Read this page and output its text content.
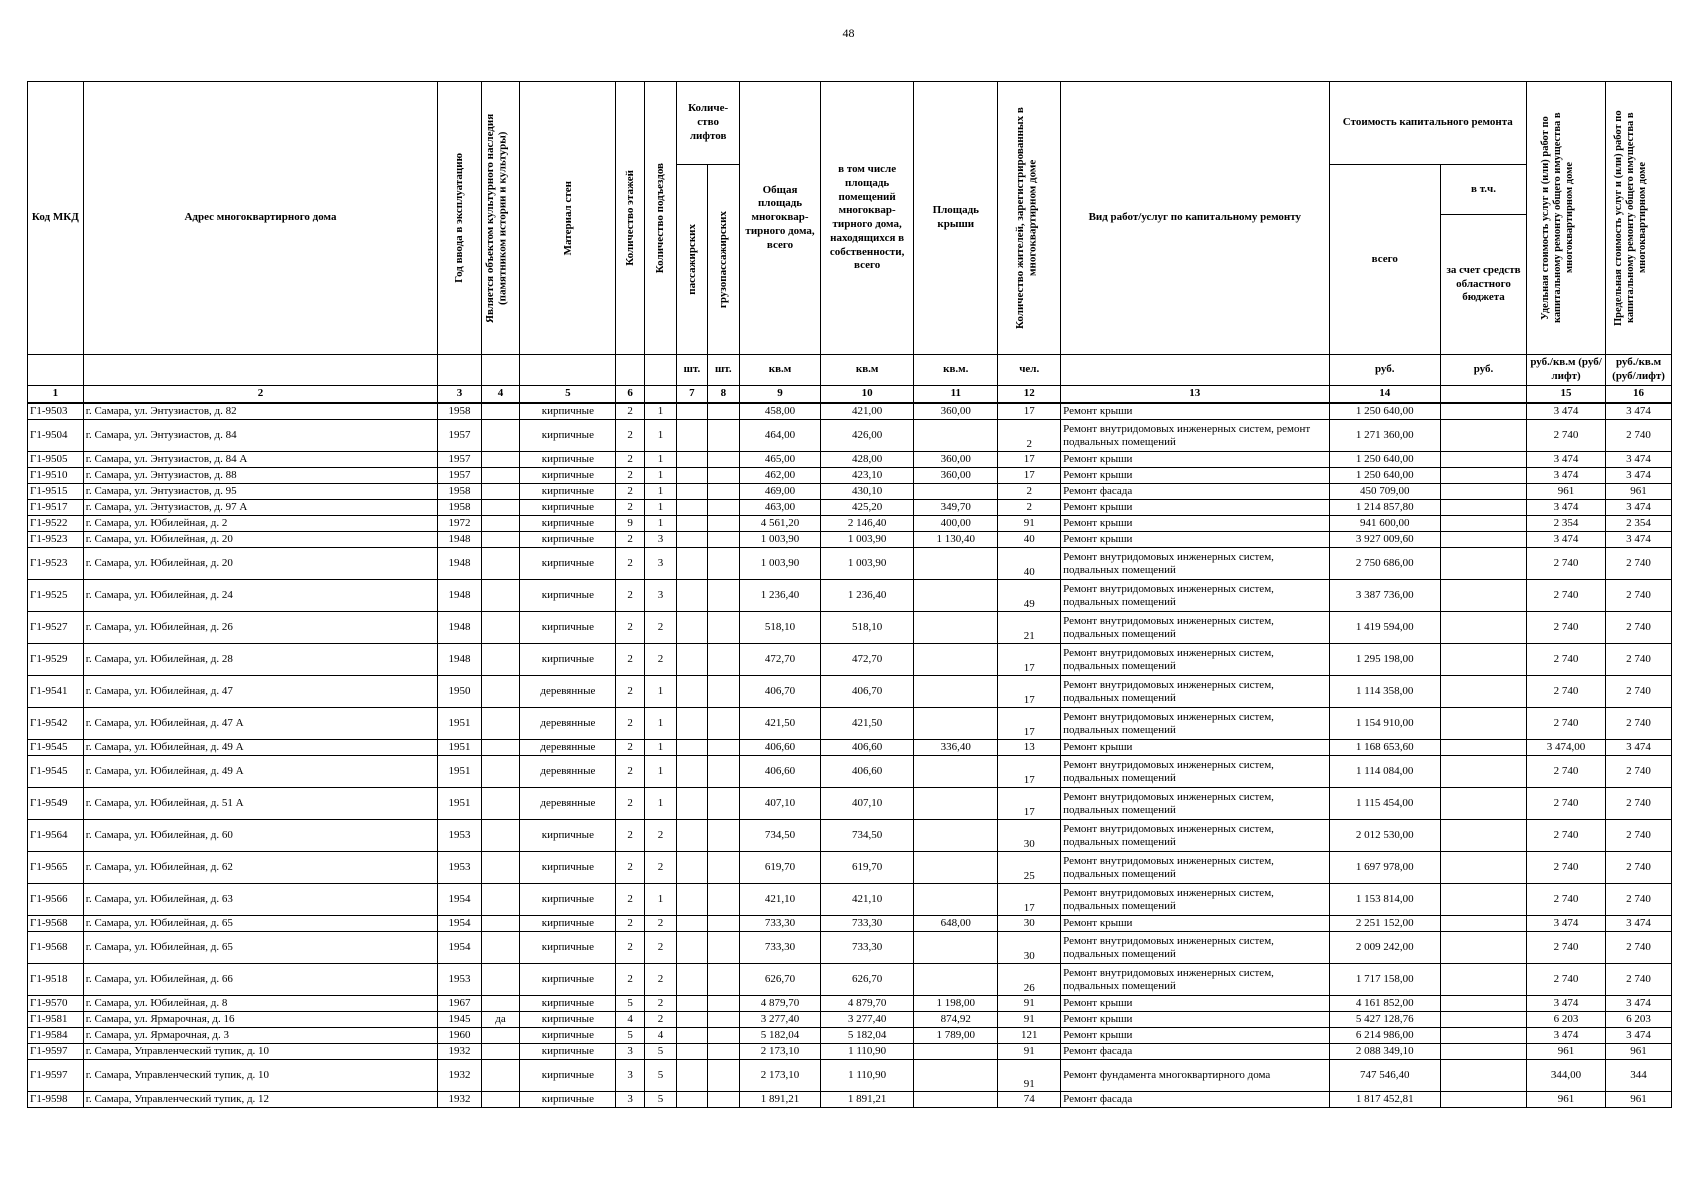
48
Код МКД	Адрес многоквартирного дома	Год ввода в эксплуатацию	Является объектом культурного наследия (памятником истории и культуры)	Материал стен	Количество этажей	Количество подъездов	Количе-ство лифтов		Общая площадь многоквар-тирного дома, всего	в том числе площадь помещений многоквар-тирного дома, находящихся в собственности, всего	Площадь крыши	Количество жителей, зарегистрированных в многоквартирном доме	Вид работ/услуг по капитальному ремонту	Стоимость капитального ремонта		Удельная стоимость услуг и (или) работ по капитальному ремонту общего имущества в многоквартирном доме	Предельная стоимость услуг и (или) работ по капитальному ремонту общего имущества в многоквартирном доме

							пассажирских	грузопассажирских						всего	в т.ч.		
															за счет средств областного бюджета		
							шт.	шт.	кв.м	кв.м	кв.м.	чел.		руб.	руб.	руб./кв.м (руб/лифт)	руб./кв.м (руб/лифт)
1	2	3	4	5	6		7	8	9	10	11	12	13	14		15	16
Г1-9503	г. Самара, ул. Энтузиастов, д. 82	1958		кирпичные	2	1			458,00	421,00	360,00	17	Ремонт крыши	1 250 640,00		3 474	3 474
Г1-9504	г. Самара, ул. Энтузиастов, д. 84	1957		кирпичные	2	1			464,00	426,00		2	Ремонт внутридомовых инженерных систем, ремонт подвальных помещений	1 271 360,00		2 740	2 740
Г1-9505	г. Самара, ул. Энтузиастов, д. 84 А	1957		кирпичные	2	1			465,00	428,00	360,00	17	Ремонт крыши	1 250 640,00		3 474	3 474
Г1-9510	г. Самара, ул. Энтузиастов, д. 88	1957		кирпичные	2	1			462,00	423,10	360,00	17	Ремонт крыши	1 250 640,00		3 474	3 474
Г1-9515	г. Самара, ул. Энтузиастов, д. 95	1958		кирпичные	2	1			469,00	430,10		2	Ремонт фасада	450 709,00		961	961
Г1-9517	г. Самара, ул. Энтузиастов, д. 97 А	1958		кирпичные	2	1			463,00	425,20	349,70	2	Ремонт крыши	1 214 857,80		3 474	3 474
Г1-9522	г. Самара, ул. Юбилейная, д. 2	1972		кирпичные	9	1			4 561,20	2 146,40	400,00	91	Ремонт крыши	941 600,00		2 354	2 354
Г1-9523	г. Самара, ул. Юбилейная, д. 20	1948		кирпичные	2	3			1 003,90	1 003,90	1 130,40	40	Ремонт крыши	3 927 009,60		3 474	3 474
Г1-9523	г. Самара, ул. Юбилейная, д. 20	1948		кирпичные	2	3			1 003,90	1 003,90		40	Ремонт внутридомовых инженерных систем, подвальных помещений	2 750 686,00		2 740	2 740
Г1-9525	г. Самара, ул. Юбилейная, д. 24	1948		кирпичные	2	3			1 236,40	1 236,40		49	Ремонт внутридомовых инженерных систем, подвальных помещений	3 387 736,00		2 740	2 740
Г1-9527	г. Самара, ул. Юбилейная, д. 26	1948		кирпичные	2	2			518,10	518,10		21	Ремонт внутридомовых инженерных систем, подвальных помещений	1 419 594,00		2 740	2 740
Г1-9529	г. Самара, ул. Юбилейная, д. 28	1948		кирпичные	2	2			472,70	472,70		17	Ремонт внутридомовых инженерных систем, подвальных помещений	1 295 198,00		2 740	2 740
Г1-9541	г. Самара, ул. Юбилейная, д. 47	1950		деревянные	2	1			406,70	406,70		17	Ремонт внутридомовых инженерных систем, подвальных помещений	1 114 358,00		2 740	2 740
Г1-9542	г. Самара, ул. Юбилейная, д. 47 А	1951		деревянные	2	1			421,50	421,50		17	Ремонт внутридомовых инженерных систем, подвальных помещений	1 154 910,00		2 740	2 740
Г1-9545	г. Самара, ул. Юбилейная, д. 49 А	1951		деревянные	2	1			406,60	406,60	336,40	13	Ремонт крыши	1 168 653,60		3 474,00	3 474
Г1-9545	г. Самара, ул. Юбилейная, д. 49 А	1951		деревянные	2	1			406,60	406,60		17	Ремонт внутридомовых инженерных систем, подвальных помещений	1 114 084,00		2 740	2 740
Г1-9549	г. Самара, ул. Юбилейная, д. 51 А	1951		деревянные	2	1			407,10	407,10		17	Ремонт внутридомовых инженерных систем, подвальных помещений	1 115 454,00		2 740	2 740
Г1-9564	г. Самара, ул. Юбилейная, д. 60	1953		кирпичные	2	2			734,50	734,50		30	Ремонт внутридомовых инженерных систем, подвальных помещений	2 012 530,00		2 740	2 740
Г1-9565	г. Самара, ул. Юбилейная, д. 62	1953		кирпичные	2	2			619,70	619,70		25	Ремонт внутридомовых инженерных систем, подвальных помещений	1 697 978,00		2 740	2 740
Г1-9566	г. Самара, ул. Юбилейная, д. 63	1954		кирпичные	2	1			421,10	421,10		17	Ремонт внутридомовых инженерных систем, подвальных помещений	1 153 814,00		2 740	2 740
Г1-9568	г. Самара, ул. Юбилейная, д. 65	1954		кирпичные	2	2			733,30	733,30	648,00	30	Ремонт крыши	2 251 152,00		3 474	3 474
Г1-9568	г. Самара, ул. Юбилейная, д. 65	1954		кирпичные	2	2			733,30	733,30		30	Ремонт внутридомовых инженерных систем, подвальных помещений	2 009 242,00		2 740	2 740
Г1-9518	г. Самара, ул. Юбилейная, д. 66	1953		кирпичные	2	2			626,70	626,70		26	Ремонт внутридомовых инженерных систем, подвальных помещений	1 717 158,00		2 740	2 740
Г1-9570	г. Самара, ул. Юбилейная, д. 8	1967		кирпичные	5	2			4 879,70	4 879,70	1 198,00	91	Ремонт крыши	4 161 852,00		3 474	3 474
Г1-9581	г. Самара, ул. Ярмарочная, д. 16	1945	да	кирпичные	4	2			3 277,40	3 277,40	874,92	91	Ремонт крыши	5 427 128,76		6 203	6 203
Г1-9584	г. Самара, ул. Ярмарочная, д. 3	1960		кирпичные	5	4			5 182,04	5 182,04	1 789,00	121	Ремонт крыши	6 214 986,00		3 474	3 474
Г1-9597	г. Самара, Управленческий тупик, д. 10	1932		кирпичные	3	5			2 173,10	1 110,90		91	Ремонт фасада	2 088 349,10		961	961
Г1-9597	г. Самара, Управленческий тупик, д. 10	1932		кирпичные	3	5			2 173,10	1 110,90		91	Ремонт фундамента многоквартирного дома	747 546,40		344,00	344
Г1-9598	г. Самара, Управленческий тупик, д. 12	1932		кирпичные	3	5			1 891,21	1 891,21		74	Ремонт фасада	1 817 452,81		961	961
